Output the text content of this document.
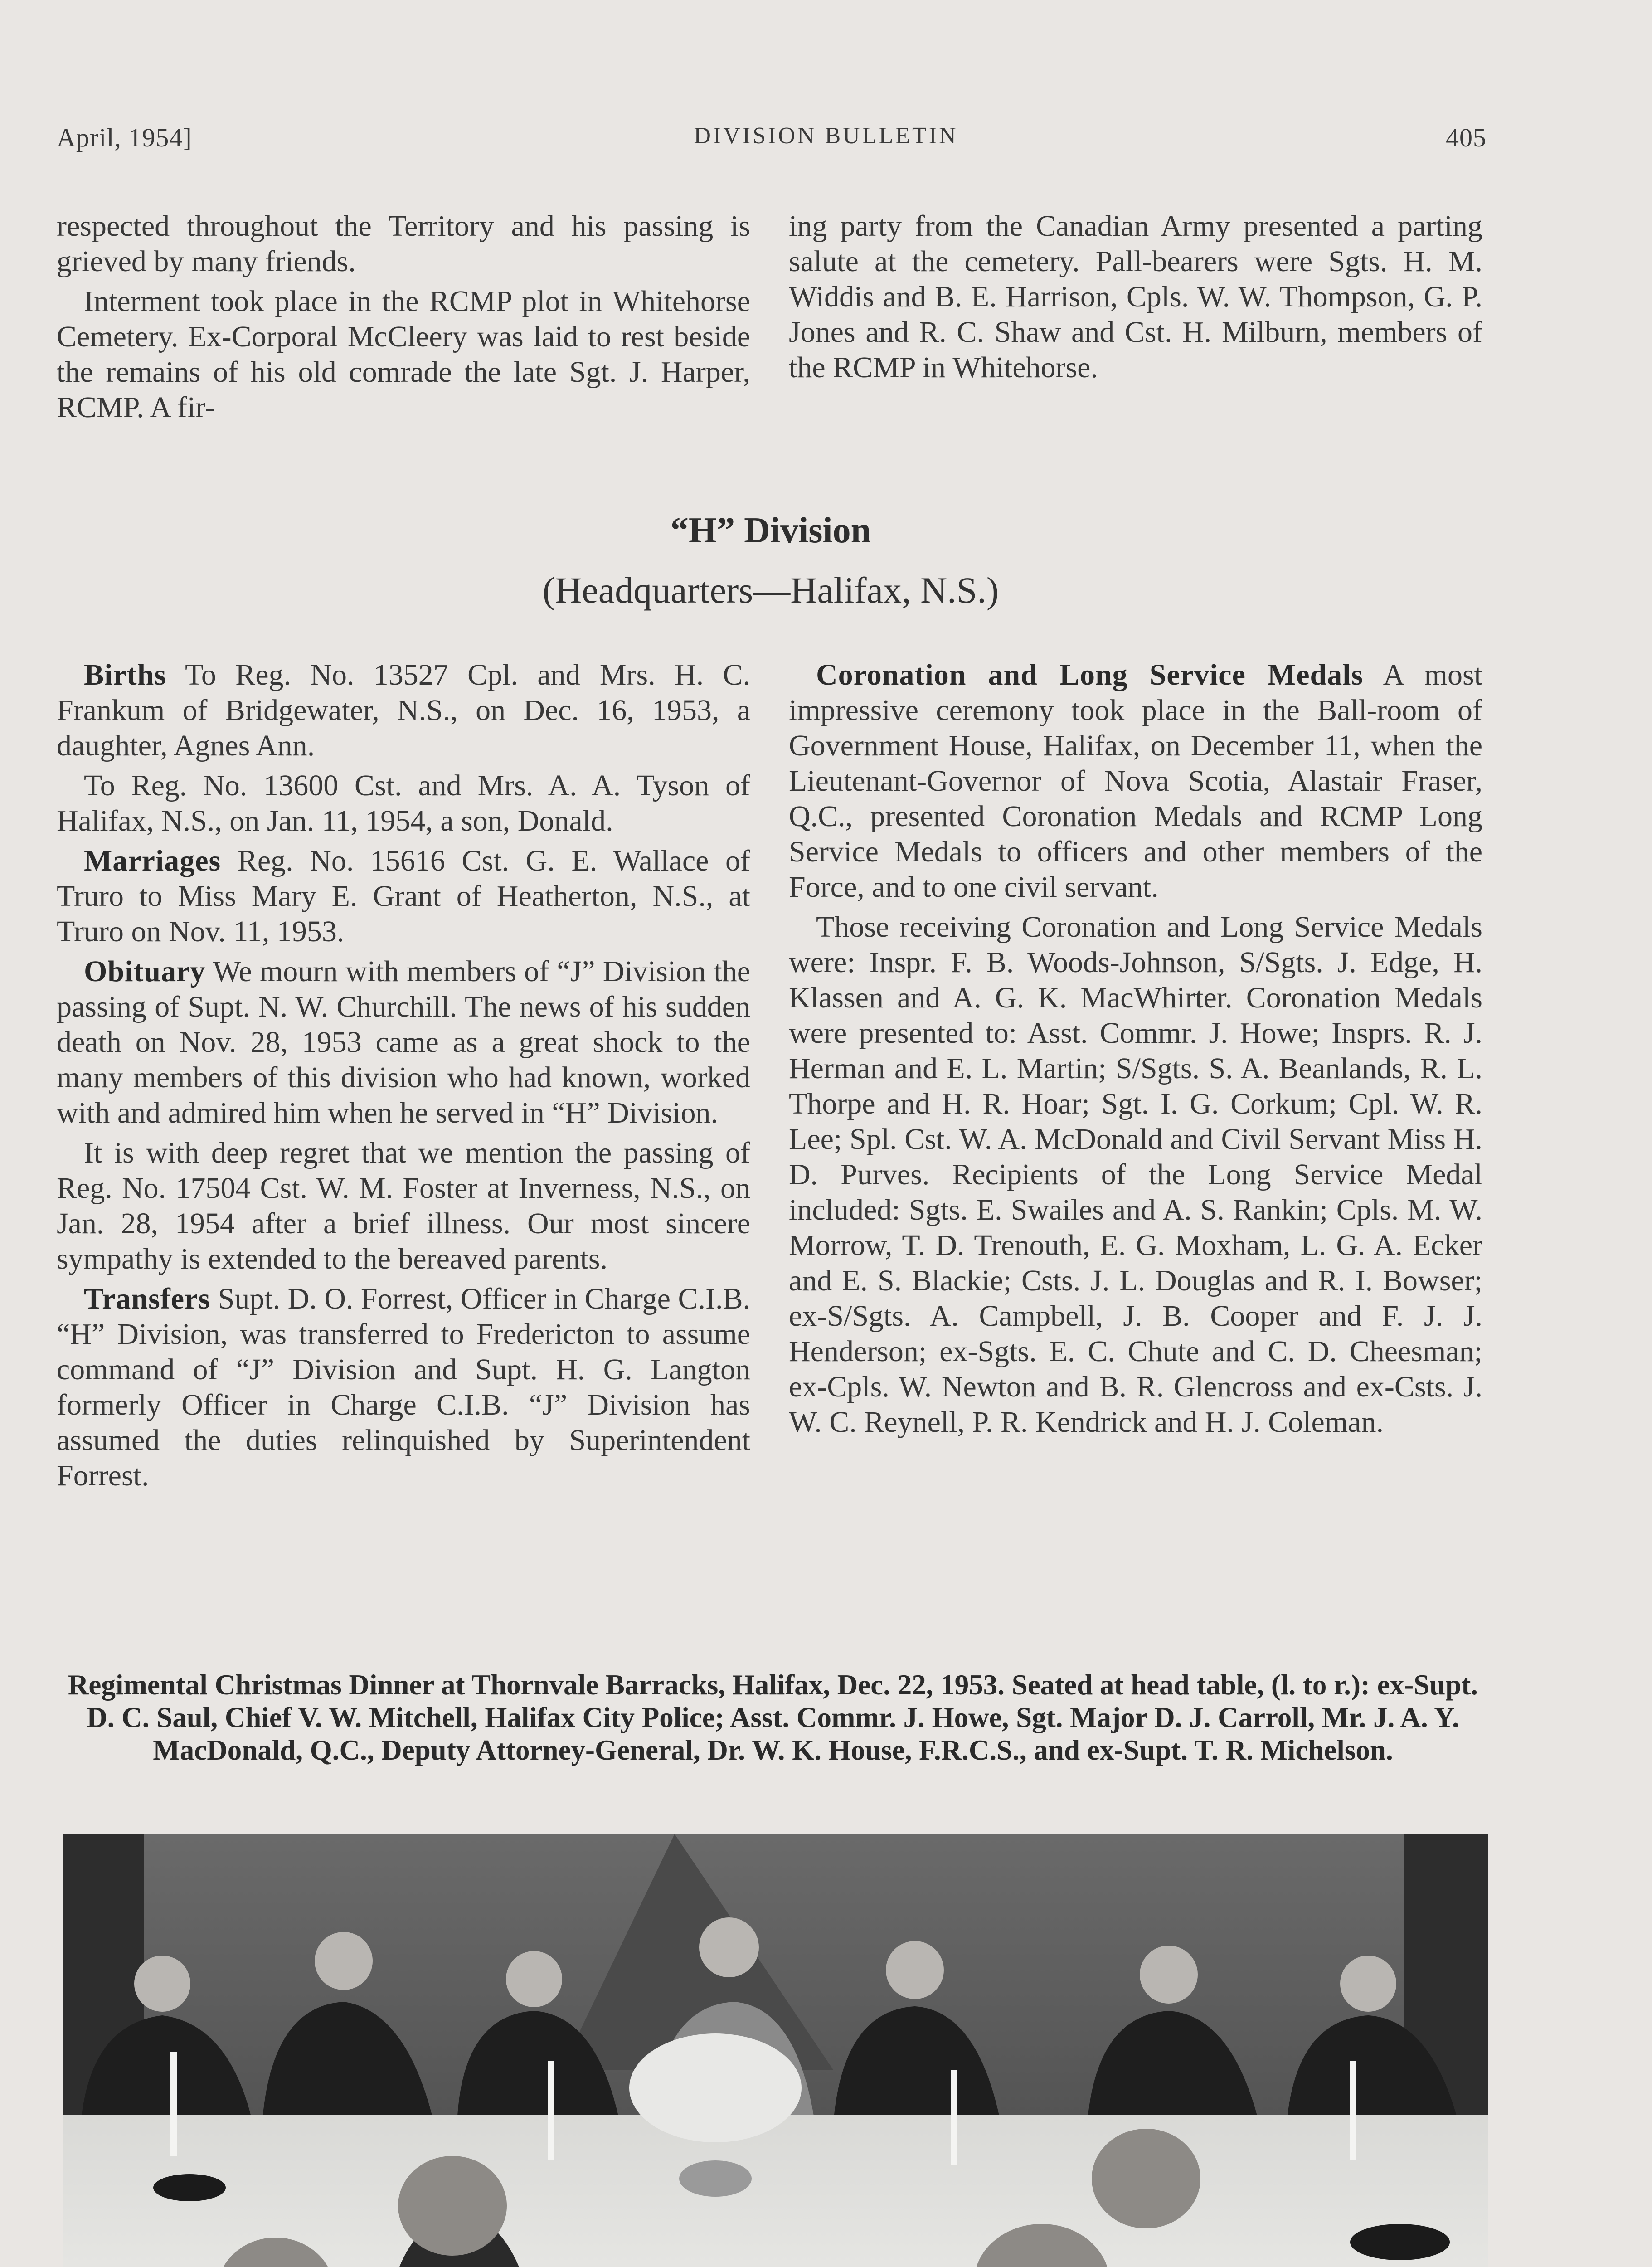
April, 1954]	DIVISION BULLETIN	405

respected throughout the Territory and his passing is grieved by many friends.

Interment took place in the RCMP plot in Whitehorse Cemetery. Ex-Corporal McCleery was laid to rest beside the remains of his old comrade the late Sgt. J. Harper, RCMP. A fir-

ing party from the Canadian Army presented a parting salute at the cemetery. Pall-bearers were Sgts. H. M. Widdis and B. E. Harrison, Cpls. W. W. Thompson, G. P. Jones and R. C. Shaw and Cst. H. Milburn, members of the RCMP in Whitehorse.

“H” Division
(Headquarters—Halifax, N.S.)

Births To Reg. No. 13527 Cpl. and Mrs. H. C. Frankum of Bridgewater, N.S., on Dec. 16, 1953, a daughter, Agnes Ann.

To Reg. No. 13600 Cst. and Mrs. A. A. Tyson of Halifax, N.S., on Jan. 11, 1954, a son, Donald.

Marriages Reg. No. 15616 Cst. G. E. Wallace of Truro to Miss Mary E. Grant of Heatherton, N.S., at Truro on Nov. 11, 1953.

Obituary We mourn with members of “J” Division the passing of Supt. N. W. Churchill. The news of his sudden death on Nov. 28, 1953 came as a great shock to the many members of this division who had known, worked with and admired him when he served in “H” Division.

It is with deep regret that we mention the passing of Reg. No. 17504 Cst. W. M. Foster at Inverness, N.S., on Jan. 28, 1954 after a brief illness. Our most sincere sympathy is extended to the bereaved parents.

Transfers Supt. D. O. Forrest, Officer in Charge C.I.B. “H” Division, was transferred to Fredericton to assume command of “J” Division and Supt. H. G. Langton formerly Officer in Charge C.I.B. “J” Division has assumed the duties relinquished by Superintendent Forrest.

Coronation and Long Service Medals A most impressive ceremony took place in the Ball-room of Government House, Halifax, on December 11, when the Lieutenant-Governor of Nova Scotia, Alastair Fraser, Q.C., presented Coronation Medals and RCMP Long Service Medals to officers and other members of the Force, and to one civil servant.

Those receiving Coronation and Long Service Medals were: Inspr. F. B. Woods-Johnson, S/Sgts. J. Edge, H. Klassen and A. G. K. MacWhirter. Coronation Medals were presented to: Asst. Commr. J. Howe; Insprs. R. J. Herman and E. L. Martin; S/Sgts. S. A. Beanlands, R. L. Thorpe and H. R. Hoar; Sgt. I. G. Corkum; Cpl. W. R. Lee; Spl. Cst. W. A. McDonald and Civil Servant Miss H. D. Purves. Recipients of the Long Service Medal included: Sgts. E. Swailes and A. S. Rankin; Cpls. M. W. Morrow, T. D. Trenouth, E. G. Moxham, L. G. A. Ecker and E. S. Blackie; Csts. J. L. Douglas and R. I. Bowser; ex-S/Sgts. A. Campbell, J. B. Cooper and F. J. J. Henderson; ex-Sgts. E. C. Chute and C. D. Cheesman; ex-Cpls. W. Newton and B. R. Glencross and ex-Csts. J. W. C. Reynell, P. R. Kendrick and H. J. Coleman.

Regimental Christmas Dinner at Thornvale Barracks, Halifax, Dec. 22, 1953. Seated at head table, (l. to r.): ex-Supt. D. C. Saul, Chief V. W. Mitchell, Halifax City Police; Asst. Commr. J. Howe, Sgt. Major D. J. Carroll, Mr. J. A. Y. MacDonald, Q.C., Deputy Attorney-General, Dr. W. K. House, F.R.C.S., and ex-Supt. T. R. Michelson.
